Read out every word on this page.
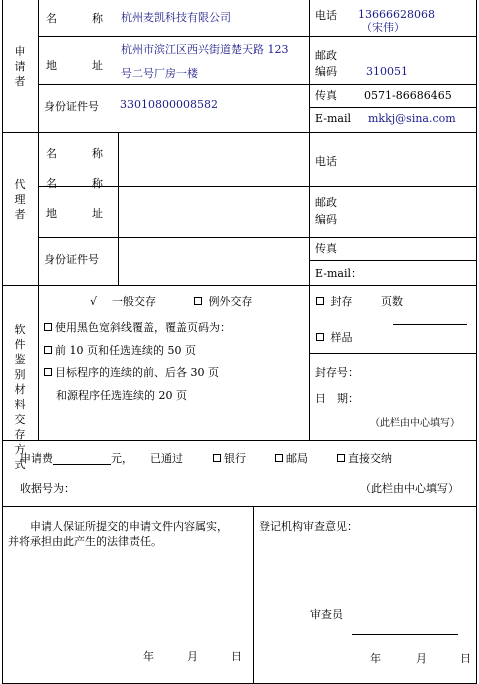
申请者
名	称 杭州麦凯科技有限公司
地	址
杭州市滨江区西兴街道楚天路 123
号二号厂房一楼
身份证件号 33010800008582
电话 13666628068
（宋伟）
邮政
编码	310051
传真 0571-86686465
E-mail mkkj@sina.com
代理者
名	称
名	称
地	址
身份证件号
电话
邮政
编码
传真
E-mail：
软件鉴别材料交存方式
√ 一般交存	例外交存
使用黑色宽斜线覆盖，覆盖页码为：
前 10 页和任选连续的 50 页
目标程序的连续的前、后各 30 页
和源程序任选连续的 20 页
封存	页数
样品
封存号：
日　期：
（此栏由中心填写）
申请费	元， 已通过	银行	邮局	直接交纳
收据号为：	（此栏由中心填写）
申请人保证所提交的申请文件内容属实，
并将承担由此产生的法律责任。
年	月	日
登记机构审查意见：
审查员
年	月	日
